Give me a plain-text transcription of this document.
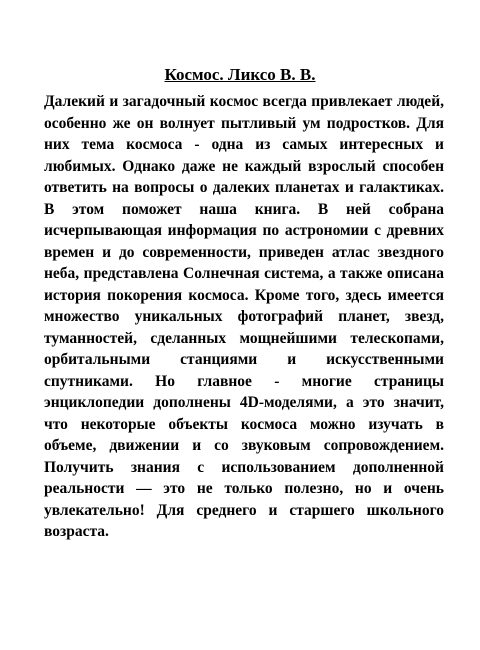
Космос. Ликсо В. В.
Далекий и загадочный космос всегда привлекает людей, особенно же он волнует пытливый ум подростков. Для них тема космоса - одна из самых интересных и любимых. Однако даже не каждый взрослый способен ответить на вопросы о далеких планетах и галактиках. В этом поможет наша книга. В ней собрана исчерпывающая информация по астрономии с древних времен и до современности, приведен атлас звездного неба, представлена Солнечная система, а также описана история покорения космоса. Кроме того, здесь имеется множество уникальных фотографий планет, звезд, туманностей, сделанных мощнейшими телескопами, орбитальными станциями и искусственными спутниками. Но главное - многие страницы энциклопедии дополнены 4D-моделями, а это значит, что некоторые объекты космоса можно изучать в объеме, движении и со звуковым сопровождением. Получить знания с использованием дополненной реальности — это не только полезно, но и очень увлекательно! Для среднего и старшего школьного возраста.
